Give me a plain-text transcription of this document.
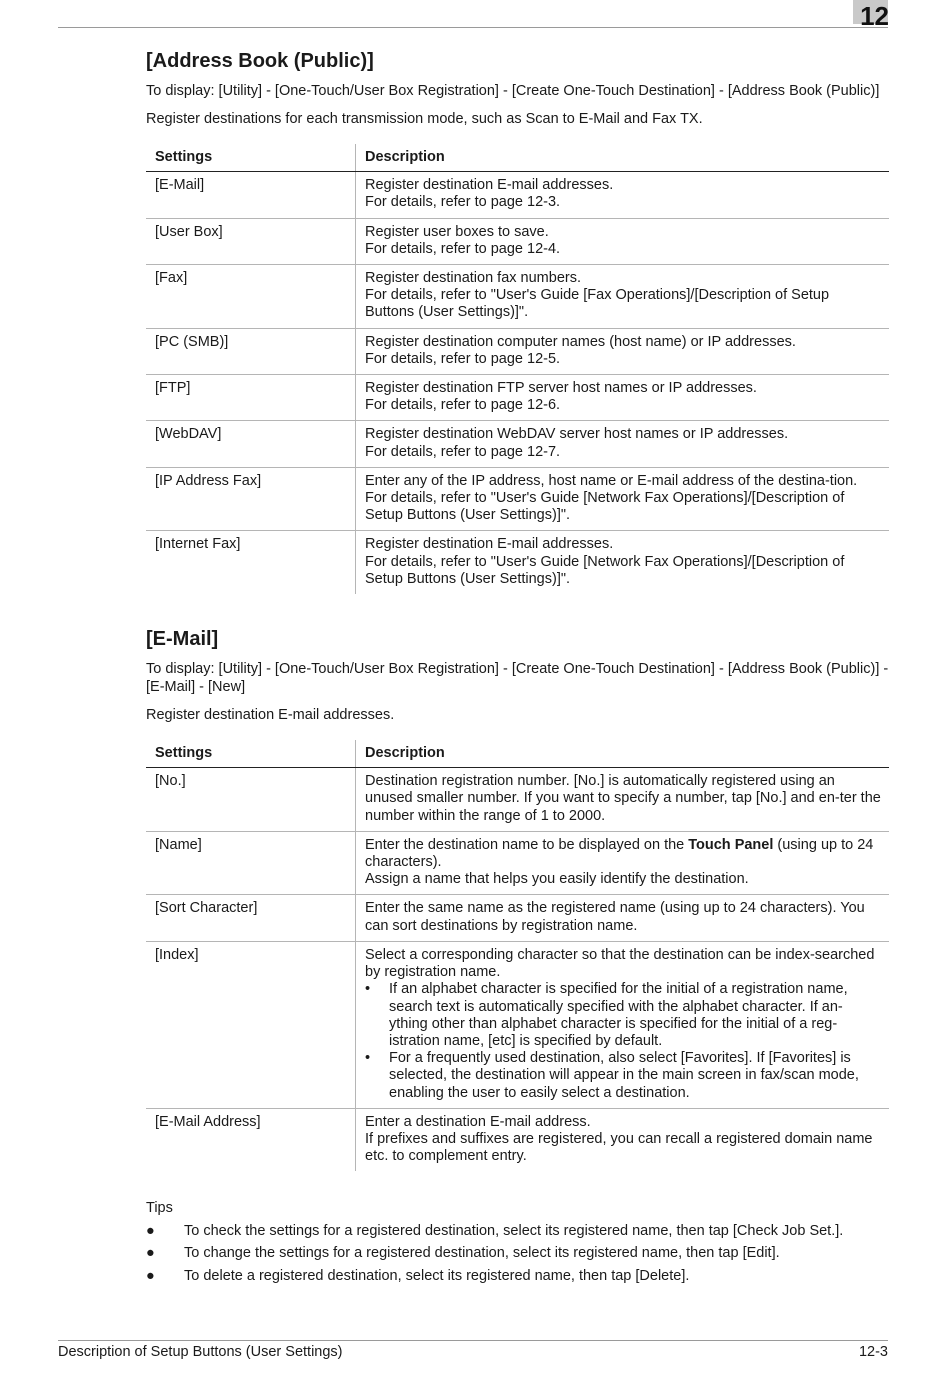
12
[Address Book (Public)]

To display: [Utility] - [One-Touch/User Box Registration] - [Create One-Touch Destination] - [Address Book (Public)]

Register destinations for each transmission mode, such as Scan to E-Mail and Fax TX.

Settings	Description
[E-Mail]	Register destination E-mail addresses.
For details, refer to page 12-3.

[User Box]	Register user boxes to save.
For details, refer to page 12-4.

[Fax]	Register destination fax numbers.
For details, refer to "User's Guide [Fax Operations]/[Description of Setup Buttons (User Settings)]".

[PC (SMB)]	Register destination computer names (host name) or IP addresses.
For details, refer to page 12-5.

[FTP]	Register destination FTP server host names or IP addresses.
For details, refer to page 12-6.

[WebDAV]	Register destination WebDAV server host names or IP addresses.
For details, refer to page 12-7.

[IP Address Fax]	Enter any of the IP address, host name or E-mail address of the destina-tion.
For details, refer to "User's Guide [Network Fax Operations]/[Description of Setup Buttons (User Settings)]".

[Internet Fax]	Register destination E-mail addresses.
For details, refer to "User's Guide [Network Fax Operations]/[Description of Setup Buttons (User Settings)]".
[E-Mail]

To display: [Utility] - [One-Touch/User Box Registration] - [Create One-Touch Destination] - [Address Book (Public)] - [E-Mail] - [New]

Register destination E-mail addresses.

Settings	Description
[No.]	Destination registration number. [No.] is automatically registered using an unused smaller number. If you want to specify a number, tap [No.] and en-ter the number within the range of 1 to 2000.
[Name]	Enter the destination name to be displayed on the Touch Panel (using up to 24 characters).
Assign a name that helps you easily identify the destination.

[Sort Character]	Enter the same name as the registered name (using up to 24 characters). You can sort destinations by registration name.
[Index]	Select a corresponding character so that the destination can be index-searched by registration name.
• If an alphabet character is specified for the initial of a registration name, search text is automatically specified with the alphabet character. If an-ything other than alphabet character is specified for the initial of a reg-istration name, [etc] is specified by default.
• For a frequently used destination, also select [Favorites]. If [Favorites] is selected, the destination will appear in the main screen in fax/scan mode, enabling the user to easily select a destination.

[E-Mail Address]	Enter a destination E-mail address.
If prefixes and suffixes are registered, you can recall a registered domain name etc. to complement entry.
Tips
● To check the settings for a registered destination, select its registered name, then tap [Check Job Set.].
● To change the settings for a registered destination, select its registered name, then tap [Edit].
● To delete a registered destination, select its registered name, then tap [Delete].
Description of Setup Buttons (User Settings)	12-3
